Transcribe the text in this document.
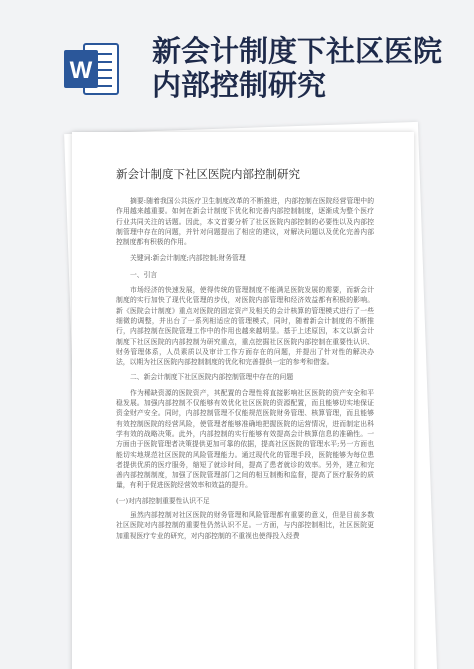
W
新会计制度下社区医院
内部控制研究
新会计制度下社区医院内部控制研究

摘要:随着我国公共医疗卫生制度改革的不断推进，内部控制在医院经营管理中的作用越来越重要。如何在新会计制度下优化和完善内部控制制度，逐渐成为整个医疗行业共同关注的话题。因此，本文首要分析了社区医院内部控制的必要性以及内部控制管理中存在的问题，并针对问题提出了相应的建议，对解决问题以及优化完善内部控制度都有积极的作用。

关键词:新会计制度;内部控制;财务管理

一、引言

市场经济的快速发展，使得传统的管理制度不能满足医院发展的需要，而新会计制度的实行加快了现代化管理的步伐，对医院内部管理和经济效益都有积极的影响。新《医院会计制度》重点对医院的固定资产及相关的会计核算的管理模式进行了一些细微的调整，并出台了一系列相适应的管理模式，同时，随着新会计制度的不断推行，内部控制在医院管理工作中的作用也越来越明显。基于上述原因，本文以新会计制度下社区医院的内部控制为研究重点，重点挖掘社区医院内部控制在重要性认识、财务管理体系，人员素质以及审计工作方面存在的问题，并提出了针对性的解决办法，以期为社区医院内部控制制度的优化和完善提供一定的参考和借鉴。

二、新会计制度下社区医院内部控制管理中存在的问题

作为稀缺资源的医院资产，其配置的合理性将直接影响社区医院的资产安全和平稳发展。加强内部控制不仅能够有效优化社区医院的资源配置，而且能够切实地保证资金财产安全。同时，内部控制管理不仅能规范医院财务管理、核算管理，而且能够有效控制医院的经营风险，使管理者能够准确地把握医院的运营情况，进而制定出科学有效的战略决策。此外，内部控制的实行能够有效提高会计核算信息的准确性。一方面由于医院管理者决策提供更加可靠的依据，提高社区医院的管理水平;另一方面也能切实地规范社区医院的风险管理能力。通过现代化的管理手段，医院能够为每位患者提供优质的医疗服务，缩短了就诊时间，提高了患者就诊的效率。另外，建立和完善内部控制制度，加强了医院管理部门之间的相互制衡和监督，提高了医疗服务的质量，有利于促进医院经营效率和效益的提升。

(一)对内部控制重要性认识不足

虽然内部控制对社区医院的财务管理和风险管理都有重要的意义，但是目前多数社区医院对内部控制的重要性仍然认识不足。一方面，与内部控制相比，社区医院更加重视医疗专业的研究，对内部控制的不重视也使得投入经费
